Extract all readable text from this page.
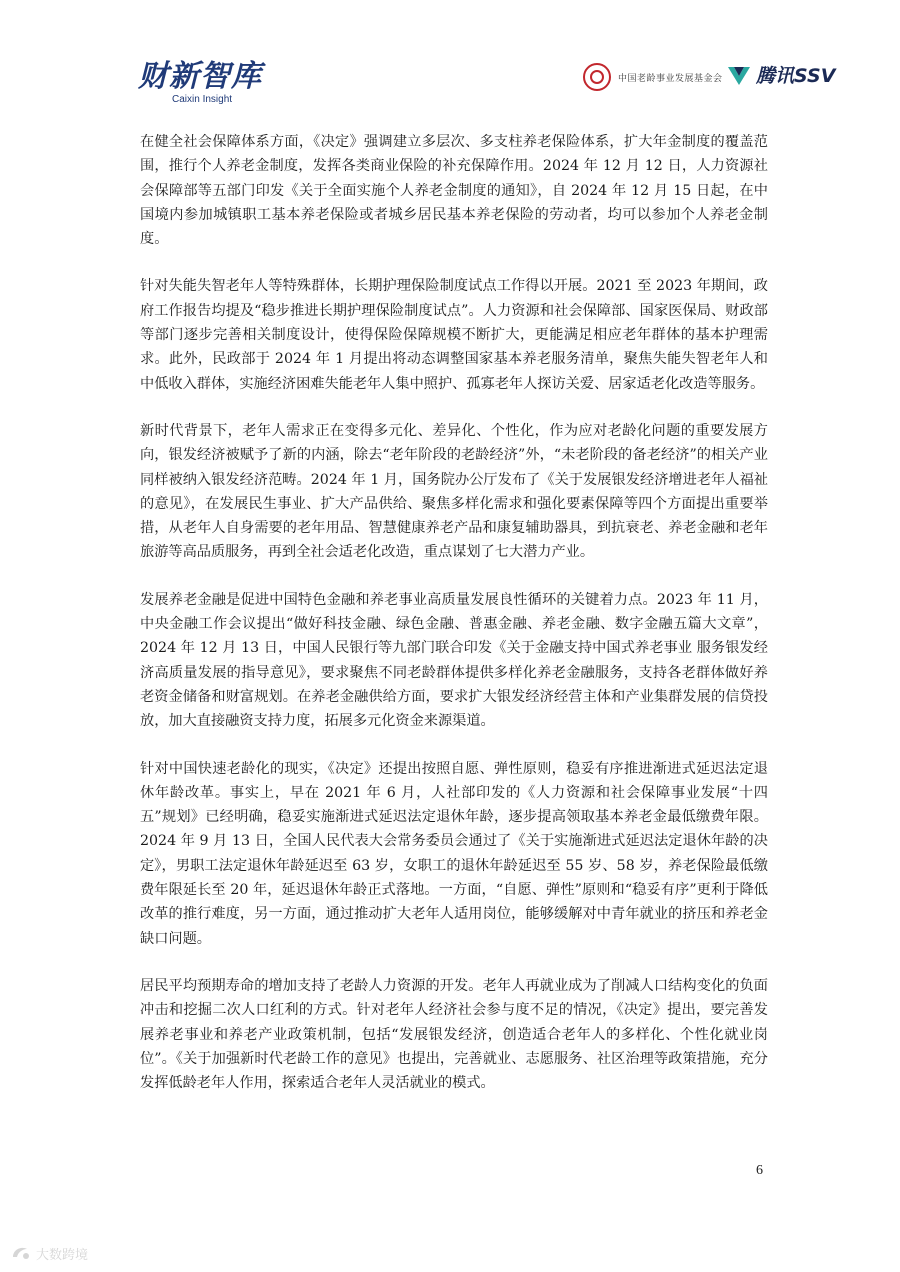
财新智库
Caixin Insight
中国老龄事业发展基金会 腾讯SSV

在健全社会保障体系方面，《决定》强调建立多层次、多支柱养老保险体系，扩大年金制度的覆盖范围，推行个人养老金制度，发挥各类商业保险的补充保障作用。2024 年 12 月 12 日，人力资源社会保障部等五部门印发《关于全面实施个人养老金制度的通知》，自 2024 年 12 月 15 日起，在中国境内参加城镇职工基本养老保险或者城乡居民基本养老保险的劳动者，均可以参加个人养老金制度。

针对失能失智老年人等特殊群体，长期护理保险制度试点工作得以开展。2021 至 2023 年期间，政府工作报告均提及“稳步推进长期护理保险制度试点”。人力资源和社会保障部、国家医保局、财政部等部门逐步完善相关制度设计，使得保险保障规模不断扩大，更能满足相应老年群体的基本护理需求。此外，民政部于 2024 年 1 月提出将动态调整国家基本养老服务清单，聚焦失能失智老年人和中低收入群体，实施经济困难失能老年人集中照护、孤寡老年人探访关爱、居家适老化改造等服务。

新时代背景下，老年人需求正在变得多元化、差异化、个性化，作为应对老龄化问题的重要发展方向，银发经济被赋予了新的内涵，除去“老年阶段的老龄经济”外，“未老阶段的备老经济”的相关产业同样被纳入银发经济范畴。2024 年 1 月，国务院办公厅发布了《关于发展银发经济增进老年人福祉的意见》，在发展民生事业、扩大产品供给、聚焦多样化需求和强化要素保障等四个方面提出重要举措，从老年人自身需要的老年用品、智慧健康养老产品和康复辅助器具，到抗衰老、养老金融和老年旅游等高品质服务，再到全社会适老化改造，重点谋划了七大潜力产业。

发展养老金融是促进中国特色金融和养老事业高质量发展良性循环的关键着力点。2023 年 11 月，中央金融工作会议提出“做好科技金融、绿色金融、普惠金融、养老金融、数字金融五篇大文章”，2024 年 12 月 13 日，中国人民银行等九部门联合印发《关于金融支持中国式养老事业 服务银发经济高质量发展的指导意见》，要求聚焦不同老龄群体提供多样化养老金融服务，支持各老群体做好养老资金储备和财富规划。在养老金融供给方面，要求扩大银发经济经营主体和产业集群发展的信贷投放，加大直接融资支持力度，拓展多元化资金来源渠道。

针对中国快速老龄化的现实，《决定》还提出按照自愿、弹性原则，稳妥有序推进渐进式延迟法定退休年龄改革。事实上，早在 2021 年 6 月，人社部印发的《人力资源和社会保障事业发展“十四五”规划》已经明确，稳妥实施渐进式延迟法定退休年龄，逐步提高领取基本养老金最低缴费年限。2024 年 9 月 13 日，全国人民代表大会常务委员会通过了《关于实施渐进式延迟法定退休年龄的决定》，男职工法定退休年龄延迟至 63 岁，女职工的退休年龄延迟至 55 岁、58 岁，养老保险最低缴费年限延长至 20 年，延迟退休年龄正式落地。一方面，“自愿、弹性”原则和“稳妥有序”更利于降低改革的推行难度，另一方面，通过推动扩大老年人适用岗位，能够缓解对中青年就业的挤压和养老金缺口问题。

居民平均预期寿命的增加支持了老龄人力资源的开发。老年人再就业成为了削减人口结构变化的负面冲击和挖掘二次人口红利的方式。针对老年人经济社会参与度不足的情况，《决定》提出，要完善发展养老事业和养老产业政策机制，包括“发展银发经济，创造适合老年人的多样化、个性化就业岗位”。《关于加强新时代老龄工作的意见》也提出，完善就业、志愿服务、社区治理等政策措施，充分发挥低龄老年人作用，探索适合老年人灵活就业的模式。

6
大数跨境
